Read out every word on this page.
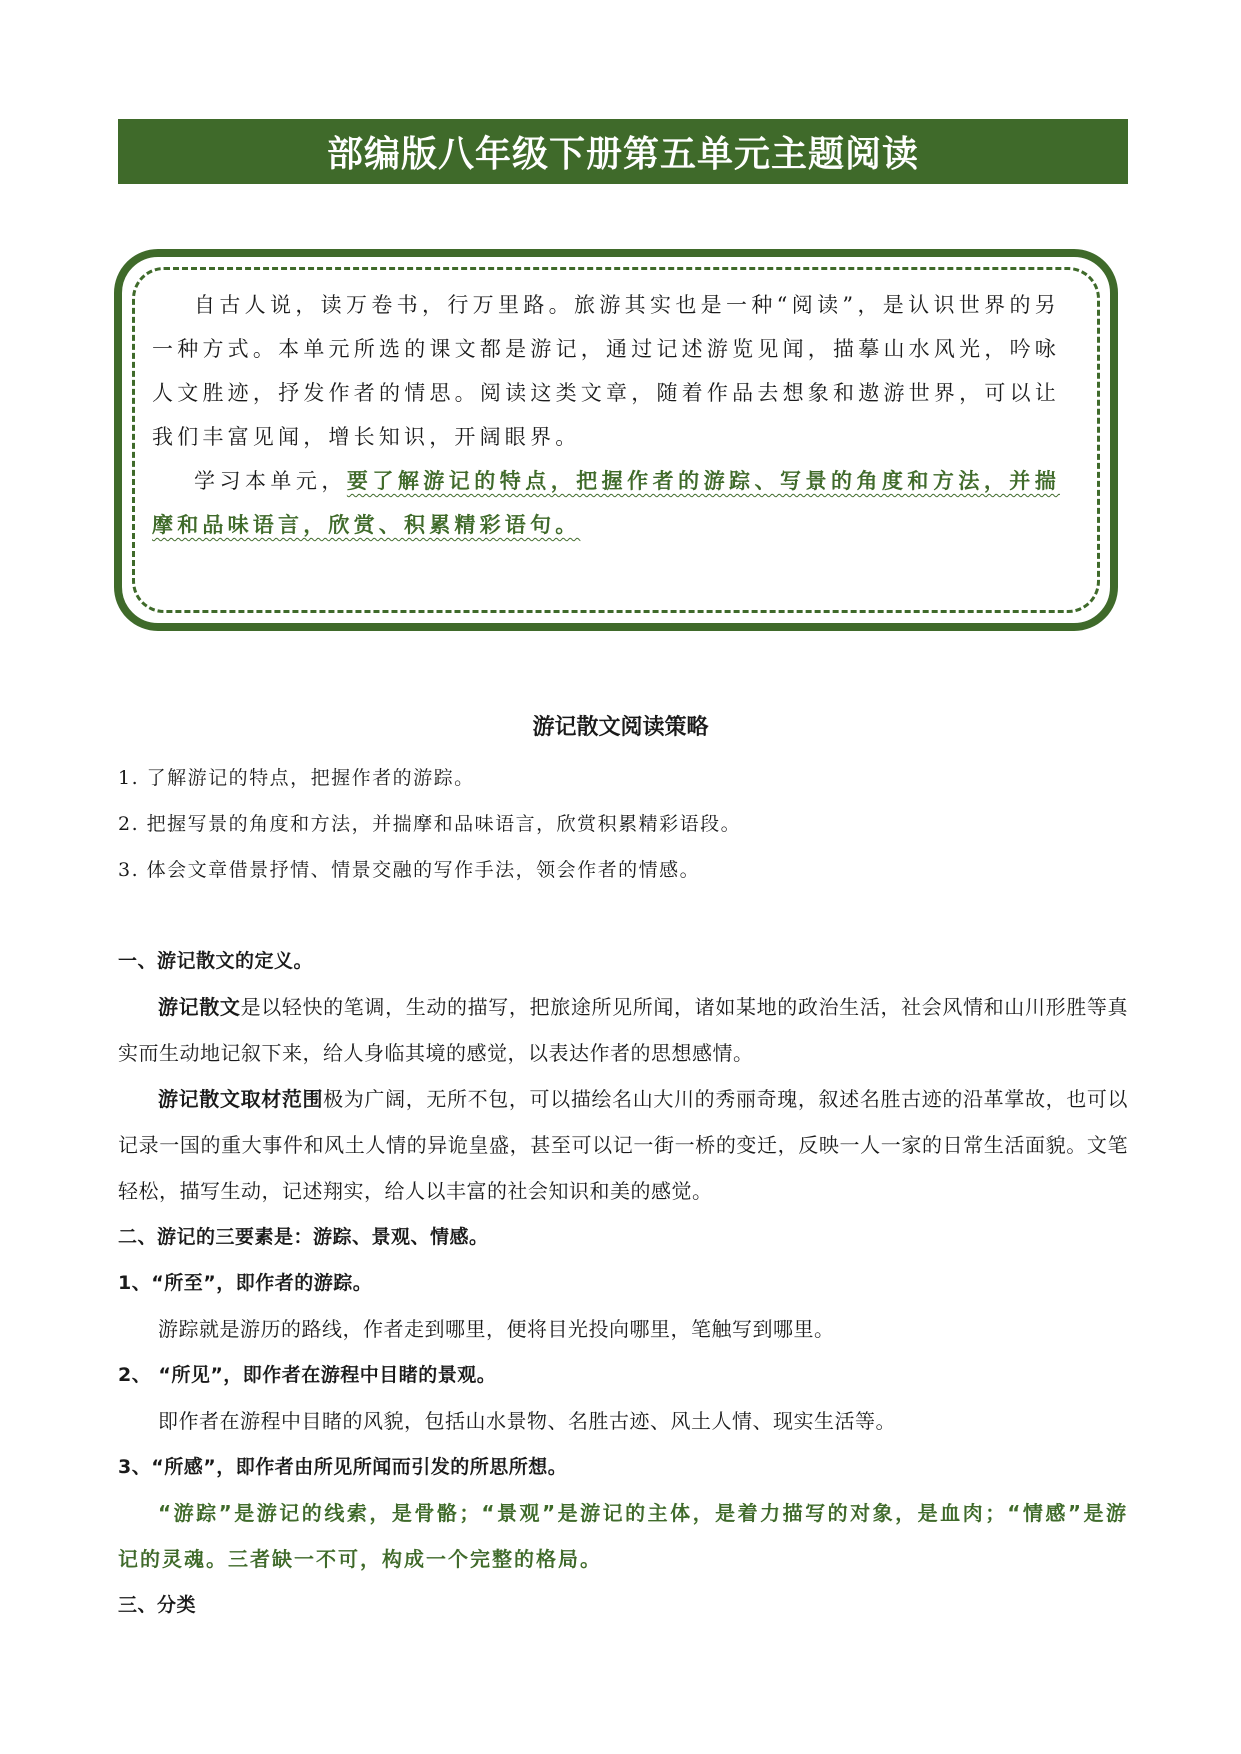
部编版八年级下册第五单元主题阅读

自古人说，读万卷书，行万里路。旅游其实也是一种“阅读”，是认识世界的另一种方式。本单元所选的课文都是游记，通过记述游览见闻，描摹山水风光，吟咏人文胜迹，抒发作者的情思。阅读这类文章，随着作品去想象和遨游世界，可以让我们丰富见闻，增长知识，开阔眼界。

学习本单元，要了解游记的特点，把握作者的游踪、写景的角度和方法，并揣摩和品味语言，欣赏、积累精彩语句。

游记散文阅读策略
1. 了解游记的特点，把握作者的游踪。
2. 把握写景的角度和方法，并揣摩和品味语言，欣赏积累精彩语段。
3. 体会文章借景抒情、情景交融的写作手法，领会作者的情感。

一、游记散文的定义。

游记散文是以轻快的笔调，生动的描写，把旅途所见所闻，诸如某地的政治生活，社会风情和山川形胜等真实而生动地记叙下来，给人身临其境的感觉，以表达作者的思想感情。

游记散文取材范围极为广阔，无所不包，可以描绘名山大川的秀丽奇瑰，叙述名胜古迹的沿革掌故，也可以记录一国的重大事件和风土人情的异诡皇盛，甚至可以记一街一桥的变迁，反映一人一家的日常生活面貌。文笔轻松，描写生动，记述翔实，给人以丰富的社会知识和美的感觉。

二、游记的三要素是：游踪、景观、情感。

1、“所至”，即作者的游踪。

游踪就是游历的路线，作者走到哪里，便将目光投向哪里，笔触写到哪里。

2、 “所见”，即作者在游程中目睹的景观。

即作者在游程中目睹的风貌，包括山水景物、名胜古迹、风土人情、现实生活等。

3、“所感”，即作者由所见所闻而引发的所思所想。

“游踪”是游记的线索，是骨骼；“景观”是游记的主体，是着力描写的对象，是血肉；“情感”是游记的灵魂。三者缺一不可，构成一个完整的格局。

三、分类
